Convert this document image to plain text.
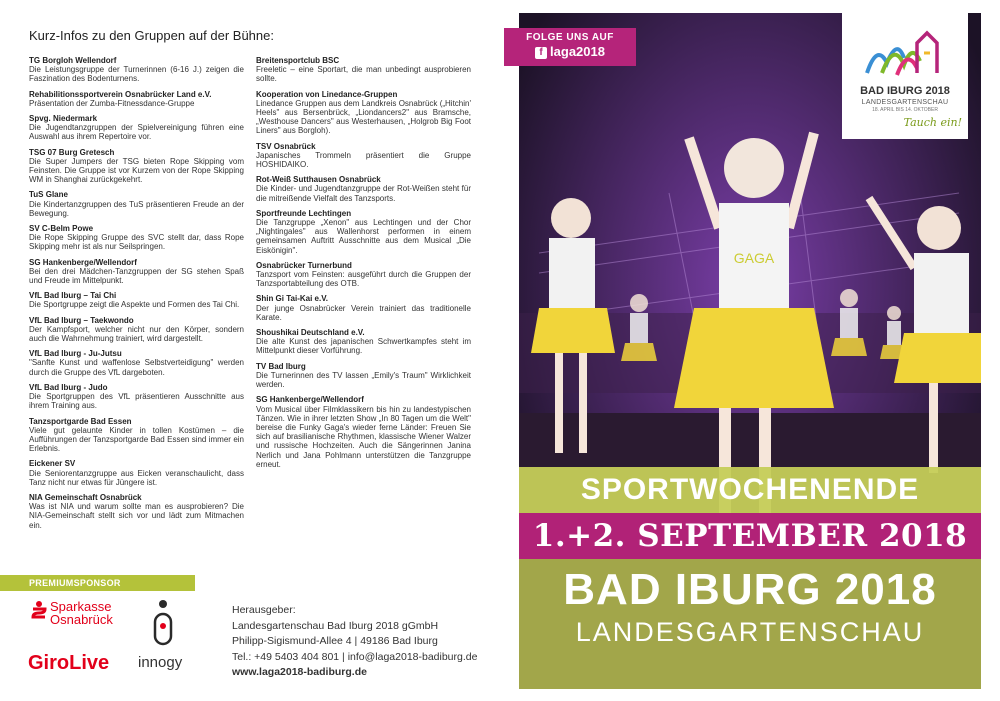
Kurz-Infos zu den Gruppen auf der Bühne:
TG Borgloh Wellendorf
Die Leistungsgruppe der Turnerinnen (6-16 J.) zeigen die Faszination des Bodenturnens.
Rehabilitionssportverein Osnabrücker Land e.V.
Präsentation der Zumba-Fitnessdance-Gruppe
Spvg. Niedermark
Die Jugendtanzgruppen der Spielvereinigung führen eine Auswahl aus ihrem Repertoire vor.
TSG 07 Burg Gretesch
Die Super Jumpers der TSG bieten Rope Skipping vom Feinsten. Die Gruppe ist vor Kurzem von der Rope Skipping WM in Shanghai zurückgekehrt.
TuS Glane
Die Kindertanzgruppen des TuS präsentieren Freude an der Bewegung.
SV C-Belm Powe
Die Rope Skipping Gruppe des SVC stellt dar, dass Rope Skipping mehr ist als nur Seilspringen.
SG Hankenberge/Wellendorf
Bei den drei Mädchen-Tanzgruppen der SG stehen Spaß und Freude im Mittelpunkt.
VfL Bad Iburg – Tai Chi
Die Sportgruppe zeigt die Aspekte und Formen des Tai Chi.
VfL Bad Iburg – Taekwondo
Der Kampfsport, welcher nicht nur den Körper, sondern auch die Wahrnehmung trainiert, wird dargestellt.
VfL Bad Iburg - Ju-Jutsu
"Sanfte Kunst und waffenlose Selbstverteidigung" werden durch die Gruppe des VfL dargeboten.
VfL Bad Iburg - Judo
Die Sportgruppen des VfL präsentieren Ausschnitte aus ihrem Training aus.
Tanzsportgarde Bad Essen
Viele gut gelaunte Kinder in tollen Kostümen – die Aufführungen der Tanzsportgarde Bad Essen sind immer ein Erlebnis.
Eickener SV
Die Seniorentanzgruppe aus Eicken veranschaulicht, dass Tanz nicht nur etwas für Jüngere ist.
NIA Gemeinschaft Osnabrück
Was ist NIA und warum sollte man es ausprobieren? Die NIA-Gemeinschaft stellt sich vor und lädt zum Mitmachen ein.
Breitensportclub BSC
Freeletic – eine Sportart, die man unbedingt ausprobieren sollte.
Kooperation von Linedance-Gruppen
Linedance Gruppen aus dem Landkreis Osnabrück („Hitchin' Heels" aus Bersenbrück, „Liondancers2" aus Bramsche, „Westhouse Dancers" aus Westerhausen, „Holgrob Big Foot Liners" aus Borgloh).
TSV Osnabrück
Japanisches Trommeln präsentiert die Gruppe HOSHIDAIKO.
Rot-Weiß Sutthausen Osnabrück
Die Kinder- und Jugendtanzgruppe der Rot-Weißen steht für die mitreißende Vielfalt des Tanzsports.
Sportfreunde Lechtingen
Die Tanzgruppe „Xenon" aus Lechtingen und der Chor „Nightingales" aus Wallenhorst performen in einem gemeinsamen Auftritt Ausschnitte aus dem Musical „Die Eiskönigin".
Osnabrücker Turnerbund
Tanzsport vom Feinsten: ausgeführt durch die Gruppen der Tanzsportabteilung des OTB.
Shin Gi Tai-Kai e.V.
Der junge Osnabrücker Verein trainiert das traditionelle Karate.
Shoushikai Deutschland e.V.
Die alte Kunst des japanischen Schwertkampfes steht im Mittelpunkt dieser Vorführung.
TV Bad Iburg
Die Turnerinnen des TV lassen „Emily's Traum" Wirklichkeit werden.
SG Hankenberge/Wellendorf
Vom Musical über Filmklassikern bis hin zu landestypischen Tänzen. Wie in ihrer letzten Show „In 80 Tagen um die Welt" bereise die Funky Gaga's wieder ferne Länder: Freuen Sie sich auf brasilianische Rhythmen, klassische Wiener Walzer und russische Hochzeiten. Auch die Sängerinnen Janina Nerlich und Jana Pohlmann unterstützen die Tanzgruppe erneut.
PREMIUMSPONSOR
Sparkasse
Osnabrück
GiroLive innogy
Herausgeber:
Landesgartenschau Bad Iburg 2018 gGmbH
Philipp-Sigismund-Allee 4 | 49186 Bad Iburg
Tel.: +49 5403 404 801 | info@laga2018-badiburg.de
www.laga2018-badiburg.de
GAGA
FOLGE UNS AUF
f laga2018
BAD IBURG 2018
LANDESGARTENSCHAU
18. APRIL BIS 14. OKTOBER
Tauch ein!
SPORTWOCHENENDE
1.+2. SEPTEMBER 2018
BAD IBURG 2018
LANDESGARTENSCHAU
